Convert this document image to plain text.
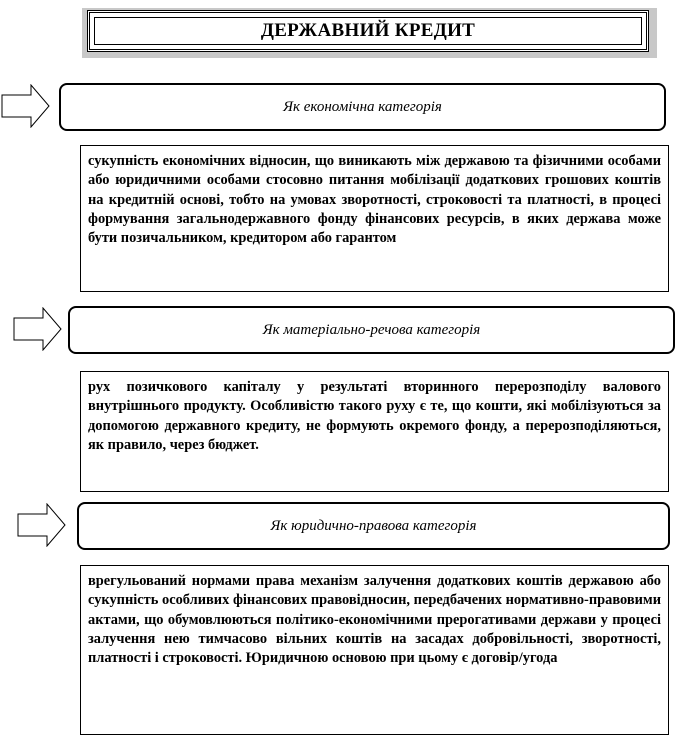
ДЕРЖАВНИЙ КРЕДИТ
Як економічна категорія
сукупність економічних відносин, що виникають між державою та фізичними особами або юридичними особами стосовно питання мобілізації додаткових грошових коштів на кредитній основі, тобто на умовах зворотності, строковості та платності, в процесі формування загальнодержавного фонду фінансових ресурсів, в яких держава може бути позичальником, кредитором або гарантом
Як матеріально-речова категорія
рух позичкового капіталу у результаті вторинного перерозподілу валового внутрішнього продукту. Особливістю такого руху є те, що кошти, які мобілізуються за допомогою державного кредиту, не формують окремого фонду, а перерозподіляються, як правило, через бюджет.
Як юридично-правова категорія
врегульований нормами права механізм залучення додаткових коштів державою або сукупність особливих фінансових правовідносин, передбачених нормативно-правовими актами, що обумовлюються політико-економічними прерогативами держави у процесі залучення нею тимчасово вільних коштів на засадах добровільності, зворотності, платності і строковості. Юридичною основою при цьому є договір/угода
